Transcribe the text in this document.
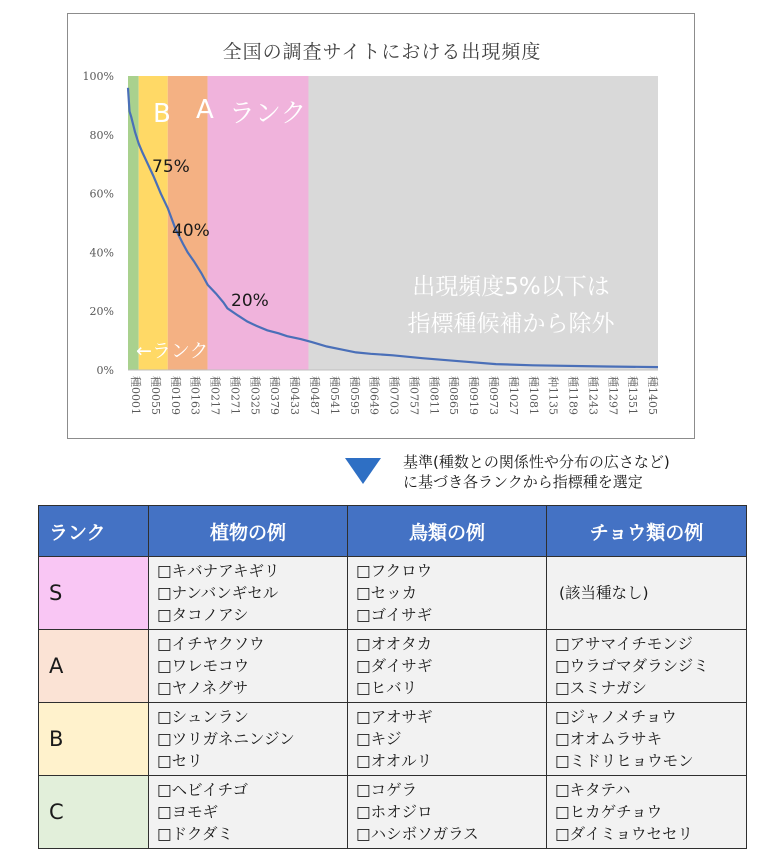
全国の調査サイトにおける出現頻度
B A ランク
100%
80%
60%
40%
20%
0%
種0001 種0055 種0109 種0163 種0217 種0271 種0325 種0379 種0433 種0487 種0541 種0595 種0649 種0703 種0757 種0811 種0865 種0919 種0973 種1027 種1081 种1135 種1189 種1243 種1297 種1351 種1405
75%
40%
20%
←ランク
出現頻度5%以下は
指標種候補から除外
基準(種数との関係性や分布の広さなど)
に基づき各ランクから指標種を選定
ランク	植物の例	鳥類の例	チョウ類の例
S	□キバナアキギリ
□ナンバンギセル
□タコノアシ	□フクロウ
□セッカ
□ゴイサギ	(該当種なし)

A	□イチヤクソウ
□ワレモコウ
□ヤノネグサ	□オオタカ
□ダイサギ
□ヒバリ	□アサマイチモンジ
□ウラゴマダラシジミ
□スミナガシ

B	□シュンラン
□ツリガネニンジン
□セリ	□アオサギ
□キジ
□オオルリ	□ジャノメチョウ
□オオムラサキ
□ミドリヒョウモン

C	□ヘビイチゴ
□ヨモギ
□ドクダミ	□コゲラ
□ホオジロ
□ハシボソガラス	□キタテハ
□ヒカゲチョウ
□ダイミョウセセリ
